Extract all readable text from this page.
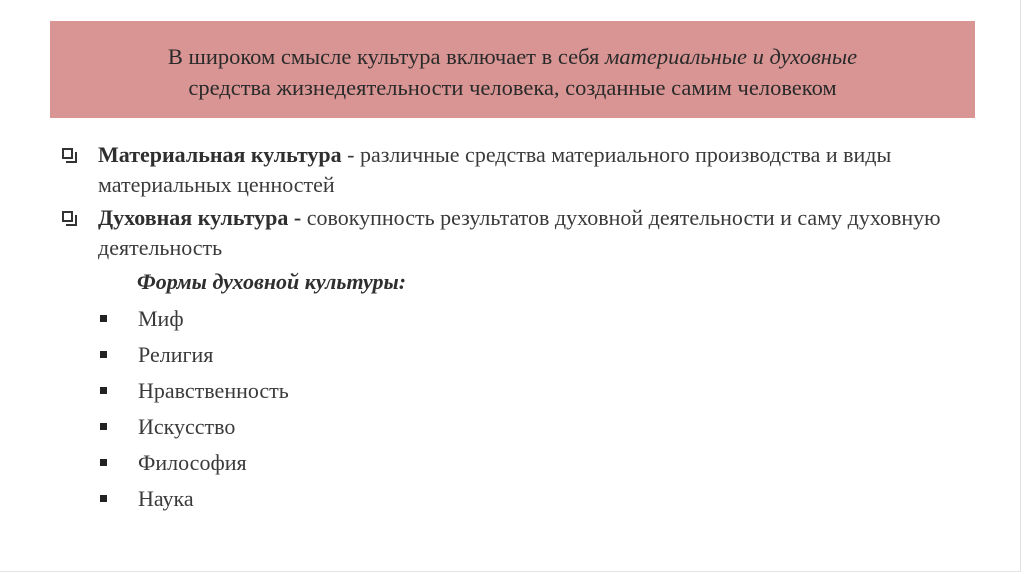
В широком смысле культура включает в себя материальные и духовные
средства жизнедеятельности человека, созданные самим человеком
Материальная культура - различные средства материального производства и виды материальных ценностей
Духовная культура - совокупность результатов духовной деятельности и саму духовную деятельность
Формы духовной культуры:
Миф
Религия
Нравственность
Искусство
Философия
Наука
